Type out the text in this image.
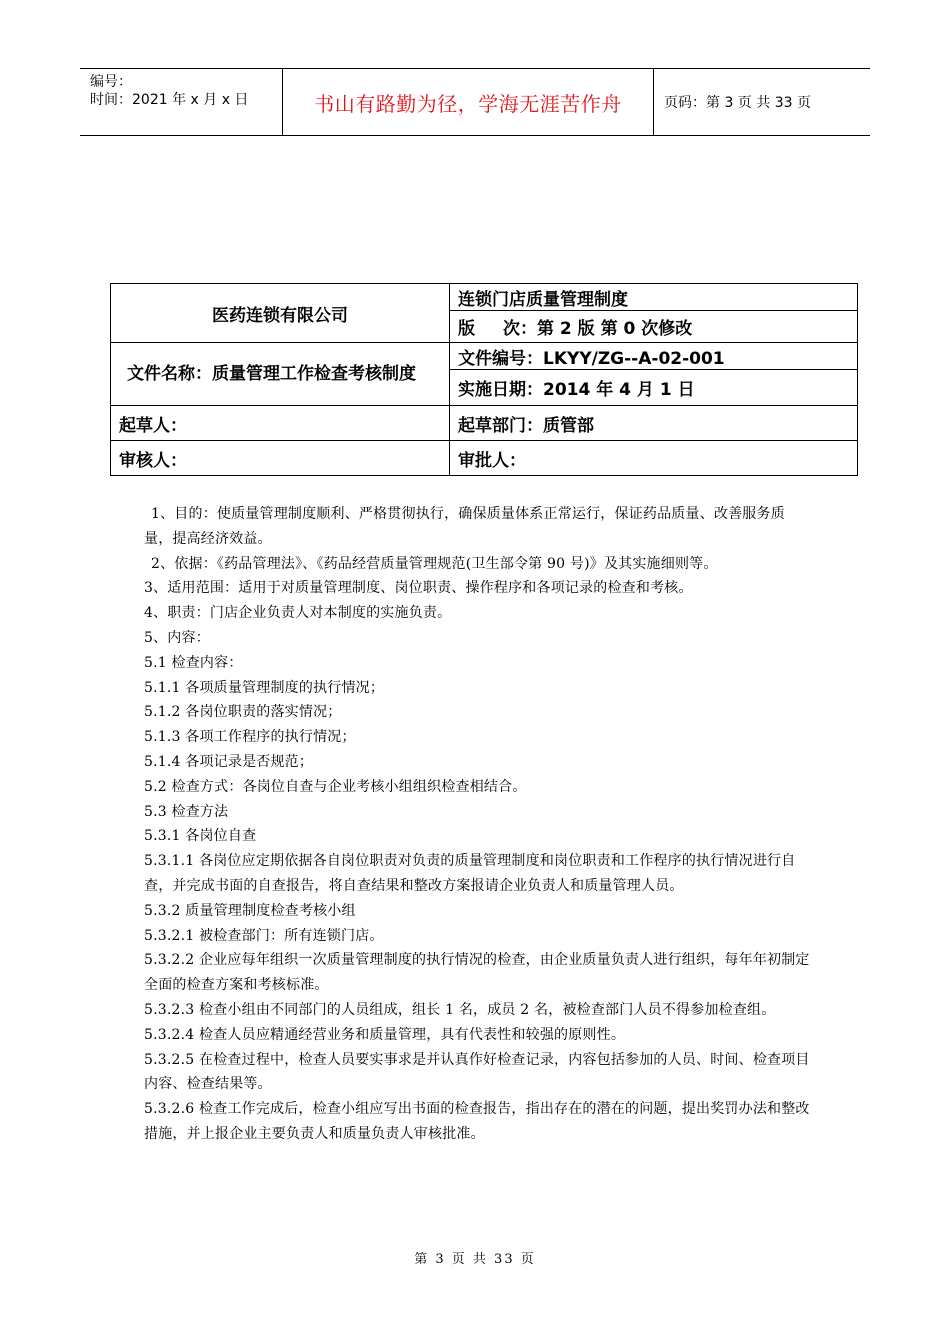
编号：
时间：2021 年 x 月 x 日	书山有路勤为径，学海无涯苦作舟	页码：第 3 页 共 33 页
医药连锁有限公司	连锁门店质量管理制度
	版 次：第 2 版 第 0 次修改
文件名称：质量管理工作检查考核制度	文件编号：LKYY/ZG--A-02-001
	实施日期：2014 年 4 月 1 日
起草人：	起草部门：质管部
审核人：	审批人：

1、目的：使质量管理制度顺利、严格贯彻执行，确保质量体系正常运行，保证药品质量、改善服务质量，提高经济效益。

2、依据：《药品管理法》、《药品经营质量管理规范(卫生部令第 90 号)》及其实施细则等。

3、适用范围：适用于对质量管理制度、岗位职责、操作程序和各项记录的检查和考核。

4、职责：门店企业负责人对本制度的实施负责。

5、内容：

5.1 检查内容：

5.1.1 各项质量管理制度的执行情况；

5.1.2 各岗位职责的落实情况；

5.1.3 各项工作程序的执行情况；

5.1.4 各项记录是否规范；

5.2 检查方式：各岗位自查与企业考核小组组织检查相结合。

5.3 检查方法

5.3.1 各岗位自查

5.3.1.1 各岗位应定期依据各自岗位职责对负责的质量管理制度和岗位职责和工作程序的执行情况进行自查，并完成书面的自查报告，将自查结果和整改方案报请企业负责人和质量管理人员。

5.3.2 质量管理制度检查考核小组

5.3.2.1 被检查部门：所有连锁门店。

5.3.2.2 企业应每年组织一次质量管理制度的执行情况的检查，由企业质量负责人进行组织，每年年初制定全面的检查方案和考核标准。

5.3.2.3 检查小组由不同部门的人员组成，组长 1 名，成员 2 名，被检查部门人员不得参加检查组。

5.3.2.4 检查人员应精通经营业务和质量管理，具有代表性和较强的原则性。

5.3.2.5 在检查过程中，检查人员要实事求是并认真作好检查记录，内容包括参加的人员、时间、检查项目内容、检查结果等。

5.3.2.6 检查工作完成后，检查小组应写出书面的检查报告，指出存在的潜在的问题，提出奖罚办法和整改措施，并上报企业主要负责人和质量负责人审核批准。

第 3 页 共 33 页
